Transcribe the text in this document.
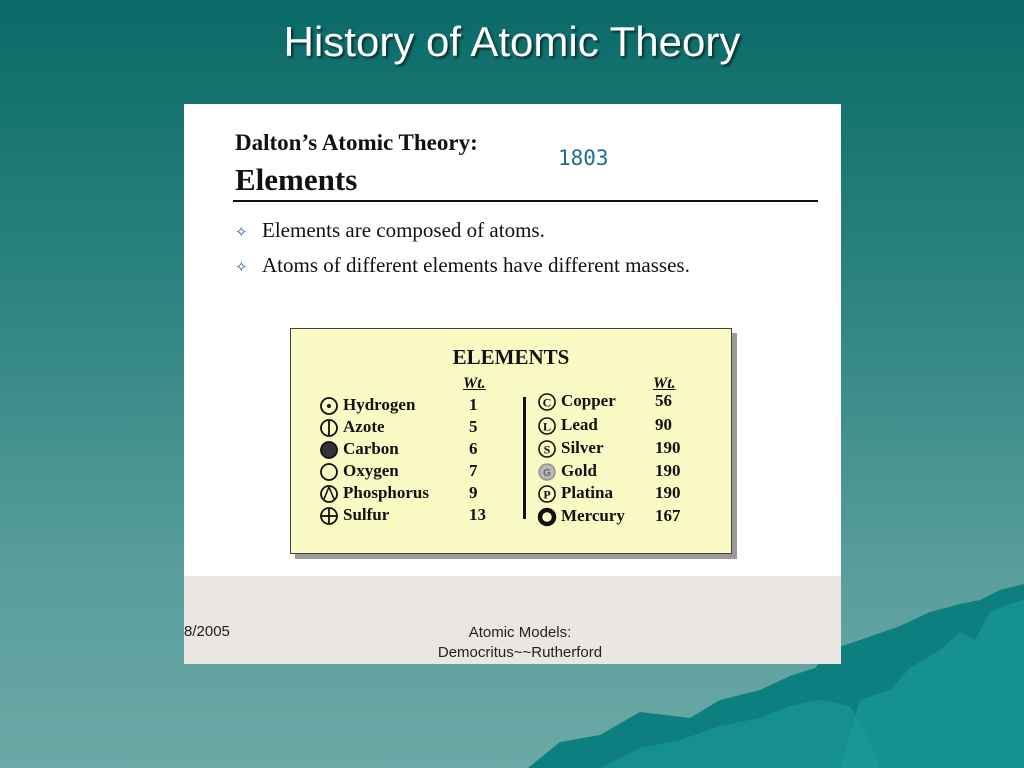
History of Atomic Theory
Dalton’s Atomic Theory:
1803
Elements
✧ Elements are composed of atoms.
✧ Atoms of different elements have different masses.
ELEMENTS
Wt.	Wt.
Hydrogen	1
Azote	5
Carbon	6
Oxygen	7
Phosphorus 9
Sulfur	13
C Copper 56
L Lead	90
S Silver	190
G Gold	190
P Platina 190
Mercury 167
8/2005	Atomic Models:
Democritus~~Rutherford
